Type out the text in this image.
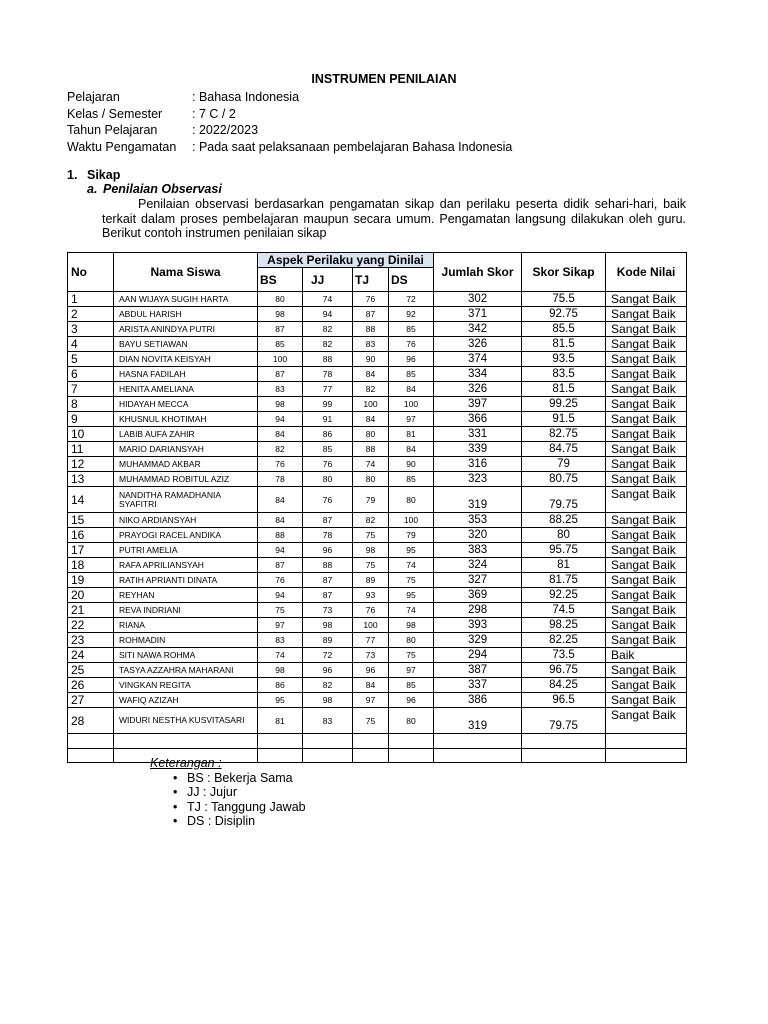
INSTRUMEN PENILAIAN
Pelajaran	: Bahasa Indonesia
Kelas / Semester	: 7 C / 2
Tahun Pelajaran	: 2022/2023
Waktu Pengamatan	: Pada saat pelaksanaan pembelajaran Bahasa Indonesia
1. Sikap
a. Penilaian Observasi
Penilaian observasi berdasarkan pengamatan sikap dan perilaku peserta didik sehari-hari, baik terkait dalam proses pembelajaran maupun secara umum. Pengamatan langsung dilakukan oleh guru. Berikut contoh instrumen penilaian sikap
No	Nama Siswa	Aspek Perilaku yang Dinilai				Jumlah Skor	Skor Sikap	Kode Nilai
		BS	JJ	TJ	DS			
1	AAN WIJAYA SUGIH HARTA	80	74	76	72	302	75.5	Sangat Baik
2	ABDUL HARISH	98	94	87	92	371	92.75	Sangat Baik
3	ARISTA ANINDYA PUTRI	87	82	88	85	342	85.5	Sangat Baik
4	BAYU SETIAWAN	85	82	83	76	326	81.5	Sangat Baik
5	DIAN NOVITA KEISYAH	100	88	90	96	374	93.5	Sangat Baik
6	HASNA FADILAH	87	78	84	85	334	83.5	Sangat Baik
7	HENITA AMELIANA	83	77	82	84	326	81.5	Sangat Baik
8	HIDAYAH MECCA	98	99	100	100	397	99.25	Sangat Baik
9	KHUSNUL KHOTIMAH	94	91	84	97	366	91.5	Sangat Baik
10	LABIB AUFA ZAHIR	84	86	80	81	331	82.75	Sangat Baik
11	MARIO DARIANSYAH	82	85	88	84	339	84.75	Sangat Baik
12	MUHAMMAD AKBAR	76	76	74	90	316	79	Sangat Baik
13	MUHAMMAD ROBITUL AZIZ	78	80	80	85	323	80.75	Sangat Baik
14	NANDITHA RAMADHANIA SYAFITRI	84	76	79	80	319	79.75	Sangat Baik
15	NIKO ARDIANSYAH	84	87	82	100	353	88.25	Sangat Baik
16	PRAYOGI RACEL ANDIKA	88	78	75	79	320	80	Sangat Baik
17	PUTRI AMELIA	94	96	98	95	383	95.75	Sangat Baik
18	RAFA APRILIANSYAH	87	88	75	74	324	81	Sangat Baik
19	RATIH APRIANTI DINATA	76	87	89	75	327	81.75	Sangat Baik
20	REYHAN	94	87	93	95	369	92.25	Sangat Baik
21	REVA INDRIANI	75	73	76	74	298	74.5	Sangat Baik
22	RIANA	97	98	100	98	393	98.25	Sangat Baik
23	ROHMADIN	83	89	77	80	329	82.25	Sangat Baik
24	SITI NAWA ROHMA	74	72	73	75	294	73.5	Baik
25	TASYA AZZAHRA MAHARANI	98	96	96	97	387	96.75	Sangat Baik
26	VINGKAN REGITA	86	82	84	85	337	84.25	Sangat Baik
27	WAFIQ AZIZAH	95	98	97	96	386	96.5	Sangat Baik
28	WIDURI NESTHA KUSVITASARI	81	83	75	80	319	79.75	Sangat Baik

Keterangan :
• BS : Bekerja Sama
• JJ : Jujur
• TJ : Tanggung Jawab
• DS : Disiplin
